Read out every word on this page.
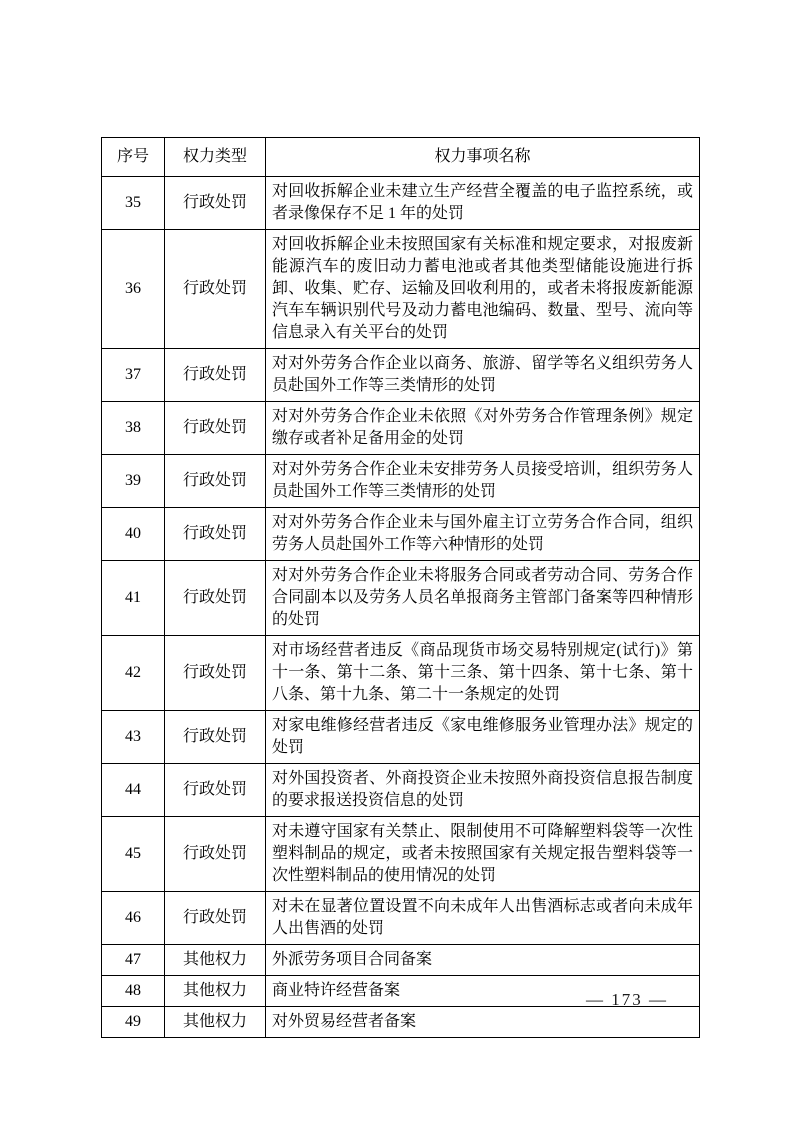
序号	权力类型	权力事项名称
35	行政处罚	对回收拆解企业未建立生产经营全覆盖的电子监控系统，或者录像保存不足 1 年的处罚
36	行政处罚	对回收拆解企业未按照国家有关标准和规定要求，对报废新能源汽车的废旧动力蓄电池或者其他类型储能设施进行拆卸、收集、贮存、运输及回收利用的，或者未将报废新能源汽车车辆识别代号及动力蓄电池编码、数量、型号、流向等信息录入有关平台的处罚
37	行政处罚	对对外劳务合作企业以商务、旅游、留学等名义组织劳务人员赴国外工作等三类情形的处罚
38	行政处罚	对对外劳务合作企业未依照《对外劳务合作管理条例》规定缴存或者补足备用金的处罚
39	行政处罚	对对外劳务合作企业未安排劳务人员接受培训，组织劳务人员赴国外工作等三类情形的处罚
40	行政处罚	对对外劳务合作企业未与国外雇主订立劳务合作合同，组织劳务人员赴国外工作等六种情形的处罚
41	行政处罚	对对外劳务合作企业未将服务合同或者劳动合同、劳务合作合同副本以及劳务人员名单报商务主管部门备案等四种情形的处罚
42	行政处罚	对市场经营者违反《商品现货市场交易特别规定(试行)》第十一条、第十二条、第十三条、第十四条、第十七条、第十八条、第十九条、第二十一条规定的处罚
43	行政处罚	对家电维修经营者违反《家电维修服务业管理办法》规定的处罚
44	行政处罚	对外国投资者、外商投资企业未按照外商投资信息报告制度的要求报送投资信息的处罚
45	行政处罚	对未遵守国家有关禁止、限制使用不可降解塑料袋等一次性塑料制品的规定，或者未按照国家有关规定报告塑料袋等一次性塑料制品的使用情况的处罚
46	行政处罚	对未在显著位置设置不向未成年人出售酒标志或者向未成年人出售酒的处罚
47	其他权力	外派劳务项目合同备案
48	其他权力	商业特许经营备案
49	其他权力	对外贸易经营者备案
— 173 —
